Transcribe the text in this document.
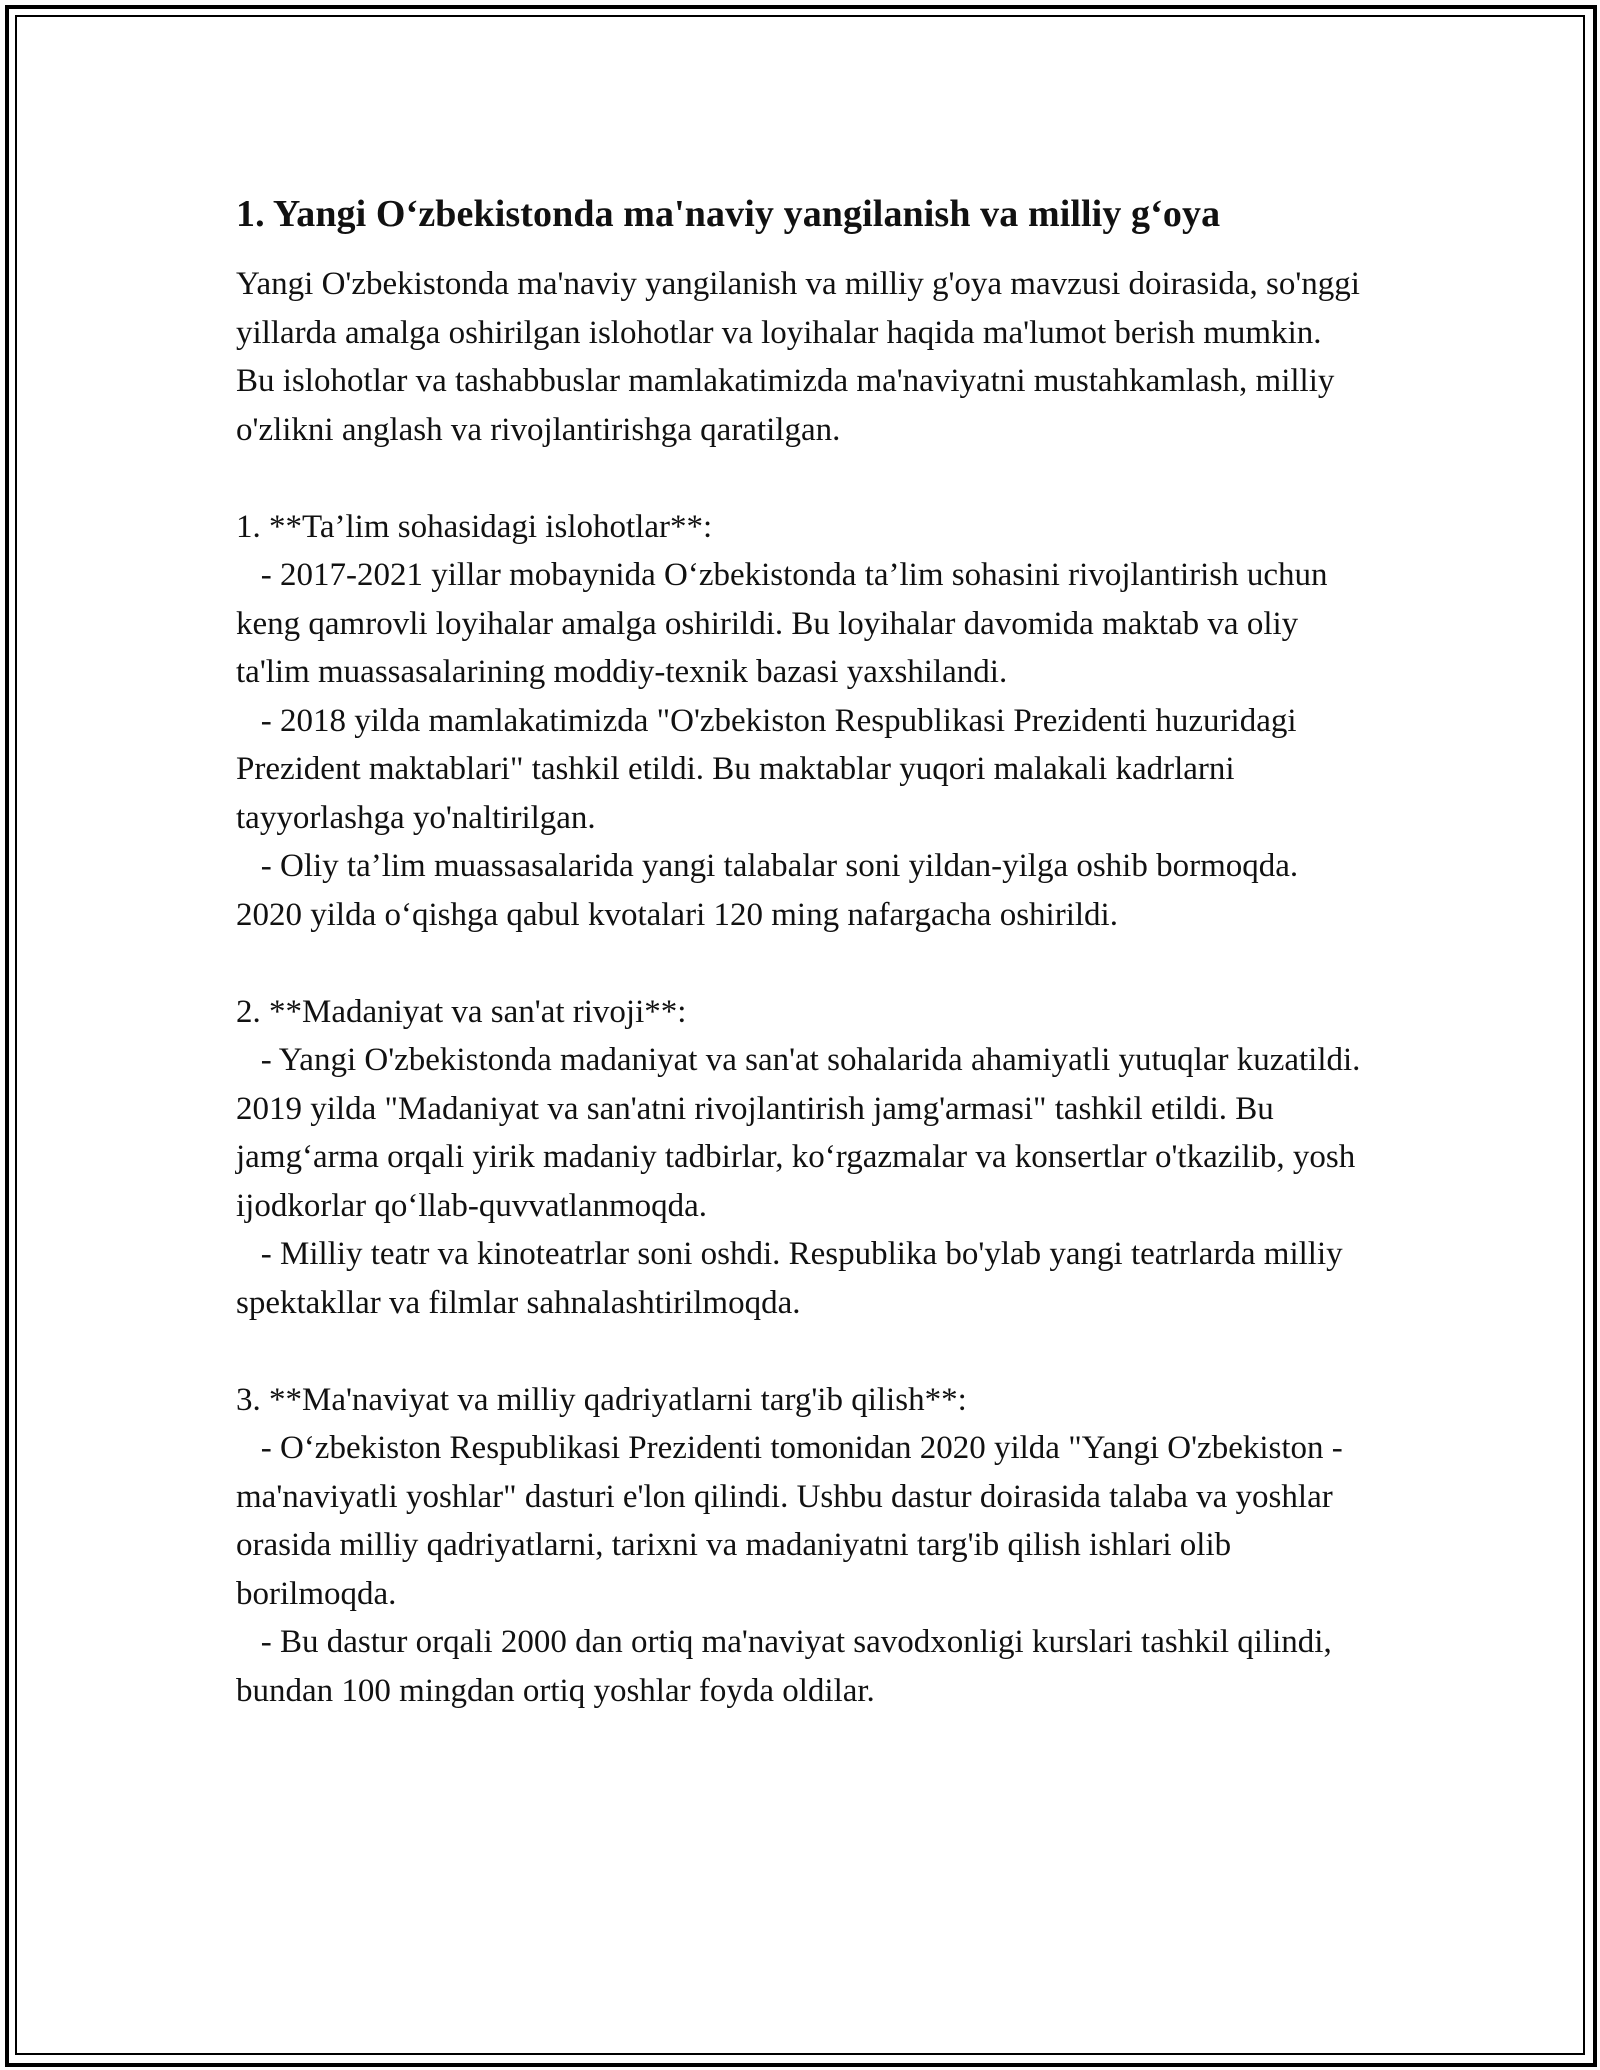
1. Yangi O‘zbekistonda ma'naviy yangilanish va milliy g‘oya

Yangi O'zbekistonda ma'naviy yangilanish va milliy g'oya mavzusi doirasida, so'nggi yillarda amalga oshirilgan islohotlar va loyihalar haqida ma'lumot berish mumkin. Bu islohotlar va tashabbuslar mamlakatimizda ma'naviyatni mustahkamlash, milliy o'zlikni anglash va rivojlantirishga qaratilgan.

1. **Ta’lim sohasidagi islohotlar**:

- 2017-2021 yillar mobaynida O‘zbekistonda ta’lim sohasini rivojlantirish uchun keng qamrovli loyihalar amalga oshirildi. Bu loyihalar davomida maktab va oliy ta'lim muassasalarining moddiy-texnik bazasi yaxshilandi.

- 2018 yilda mamlakatimizda "O'zbekiston Respublikasi Prezidenti huzuridagi Prezident maktablari" tashkil etildi. Bu maktablar yuqori malakali kadrlarni tayyorlashga yo'naltirilgan.

- Oliy ta’lim muassasalarida yangi talabalar soni yildan-yilga oshib bormoqda. 2020 yilda o‘qishga qabul kvotalari 120 ming nafargacha oshirildi.

2. **Madaniyat va san'at rivoji**:

- Yangi O'zbekistonda madaniyat va san'at sohalarida ahamiyatli yutuqlar kuzatildi. 2019 yilda "Madaniyat va san'atni rivojlantirish jamg'armasi" tashkil etildi. Bu jamg‘arma orqali yirik madaniy tadbirlar, ko‘rgazmalar va konsertlar o'tkazilib, yosh ijodkorlar qo‘llab-quvvatlanmoqda.

- Milliy teatr va kinoteatrlar soni oshdi. Respublika bo'ylab yangi teatrlarda milliy spektakllar va filmlar sahnalashtirilmoqda.

3. **Ma'naviyat va milliy qadriyatlarni targ'ib qilish**:

- O‘zbekiston Respublikasi Prezidenti tomonidan 2020 yilda "Yangi O'zbekiston - ma'naviyatli yoshlar" dasturi e'lon qilindi. Ushbu dastur doirasida talaba va yoshlar orasida milliy qadriyatlarni, tarixni va madaniyatni targ'ib qilish ishlari olib borilmoqda.

- Bu dastur orqali 2000 dan ortiq ma'naviyat savodxonligi kurslari tashkil qilindi, bundan 100 mingdan ortiq yoshlar foyda oldilar.
